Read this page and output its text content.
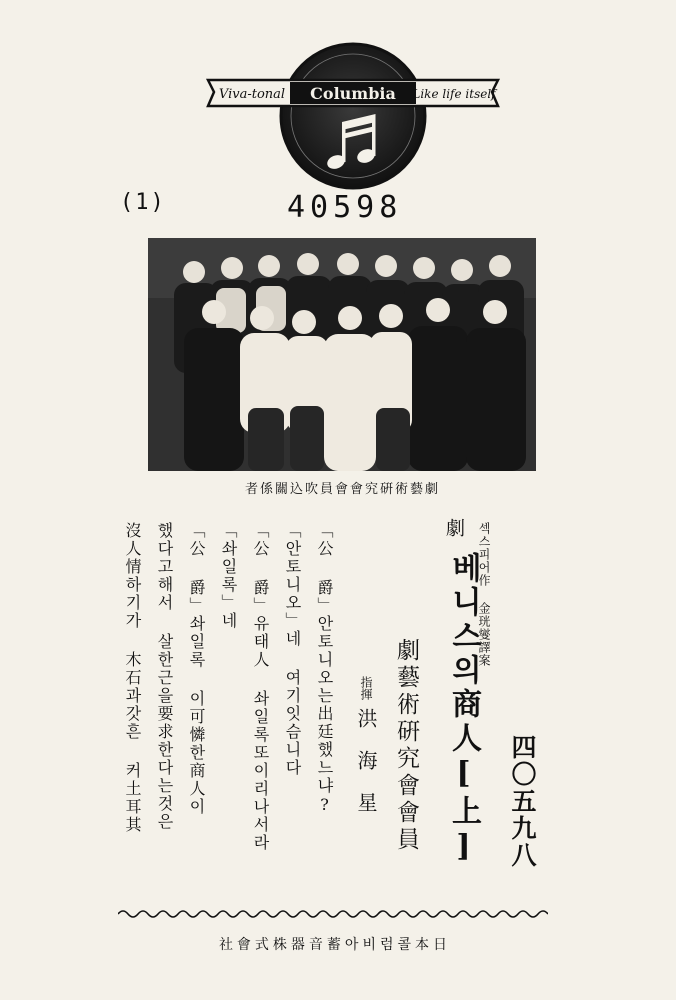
Viva-tonal Columbia Like life itself
(1)	40598
劇藝術硏究會會員吹込關係者
劇 섹스피어作 金珖燮譯案
베니스의商人[上]
劇藝術硏究會會員
指揮
洪海星	四〇五九八
「公 爵」안토니오는出廷했느냐?
「안토니오」네 여기잇슴니다
「公 爵」유태人 솨일록또이리나서라
「솨일록」네
「公 爵」솨일록 이可憐한商人이
했다고해서 살한근을要求한다는것은
沒人情하기가 木石과갓흔 커土耳其
日本콜럼비아蓄音器株式會社
